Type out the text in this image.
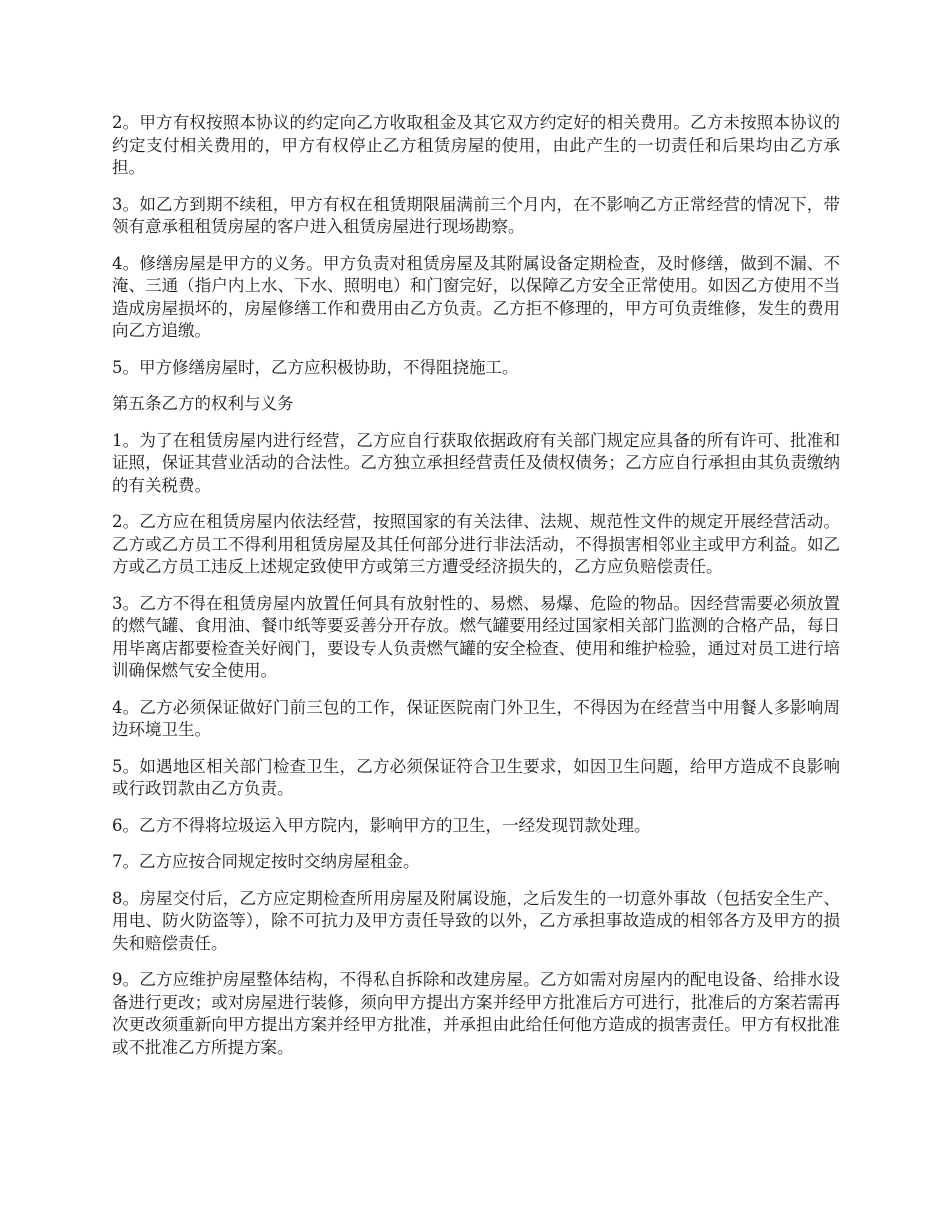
2。甲方有权按照本协议的约定向乙方收取租金及其它双方约定好的相关费用。乙方未按照本协议的约定支付相关费用的，甲方有权停止乙方租赁房屋的使用，由此产生的一切责任和后果均由乙方承担。

3。如乙方到期不续租，甲方有权在租赁期限届满前三个月内，在不影响乙方正常经营的情况下，带领有意承租租赁房屋的客户进入租赁房屋进行现场勘察。

4。修缮房屋是甲方的义务。甲方负责对租赁房屋及其附属设备定期检查，及时修缮，做到不漏、不淹、三通（指户内上水、下水、照明电）和门窗完好，以保障乙方安全正常使用。如因乙方使用不当造成房屋损坏的，房屋修缮工作和费用由乙方负责。乙方拒不修理的，甲方可负责维修，发生的费用向乙方追缴。

5。甲方修缮房屋时，乙方应积极协助，不得阻挠施工。

第五条乙方的权利与义务

1。为了在租赁房屋内进行经营，乙方应自行获取依据政府有关部门规定应具备的所有许可、批准和证照，保证其营业活动的合法性。乙方独立承担经营责任及债权债务；乙方应自行承担由其负责缴纳的有关税费。

2。乙方应在租赁房屋内依法经营，按照国家的有关法律、法规、规范性文件的规定开展经营活动。乙方或乙方员工不得利用租赁房屋及其任何部分进行非法活动，不得损害相邻业主或甲方利益。如乙方或乙方员工违反上述规定致使甲方或第三方遭受经济损失的，乙方应负赔偿责任。

3。乙方不得在租赁房屋内放置任何具有放射性的、易燃、易爆、危险的物品。因经营需要必须放置的燃气罐、食用油、餐巾纸等要妥善分开存放。燃气罐要用经过国家相关部门监测的合格产品，每日用毕离店都要检查关好阀门，要设专人负责燃气罐的安全检查、使用和维护检验，通过对员工进行培训确保燃气安全使用。

4。乙方必须保证做好门前三包的工作，保证医院南门外卫生，不得因为在经营当中用餐人多影响周边环境卫生。

5。如遇地区相关部门检查卫生，乙方必须保证符合卫生要求，如因卫生问题，给甲方造成不良影响或行政罚款由乙方负责。

6。乙方不得将垃圾运入甲方院内，影响甲方的卫生，一经发现罚款处理。

7。乙方应按合同规定按时交纳房屋租金。

8。房屋交付后，乙方应定期检查所用房屋及附属设施，之后发生的一切意外事故（包括安全生产、用电、防火防盗等），除不可抗力及甲方责任导致的以外，乙方承担事故造成的相邻各方及甲方的损失和赔偿责任。

9。乙方应维护房屋整体结构，不得私自拆除和改建房屋。乙方如需对房屋内的配电设备、给排水设备进行更改；或对房屋进行装修，须向甲方提出方案并经甲方批准后方可进行，批准后的方案若需再次更改须重新向甲方提出方案并经甲方批准，并承担由此给任何他方造成的损害责任。甲方有权批准或不批准乙方所提方案。
